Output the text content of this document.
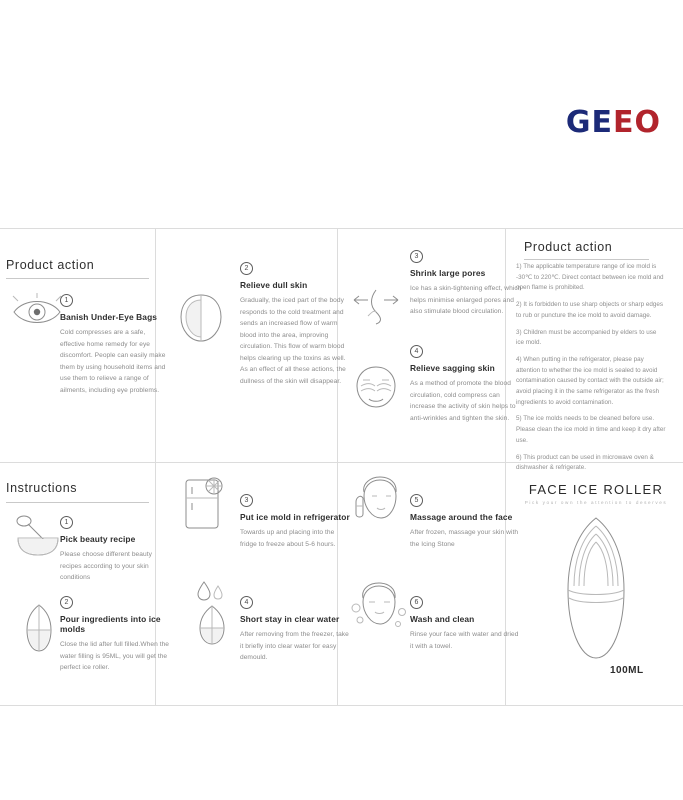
GEEO
Product action
Instructions
Product action
1
Banish Under-Eye Bags

Cold compresses are a safe, effective home remedy for eye discomfort. People can easily make them by using household items and use them to relieve a range of ailments, including eye problems.

2
Relieve dull skin

Gradually, the iced part of the body responds to the cold treatment and sends an increased flow of warm blood into the area, improving circulation. This flow of warm blood helps clearing up the toxins as well. As an effect of all these actions, the dullness of the skin will disappear.

3
Shrink large pores

Ice has a skin-tightening effect, which helps minimise enlarged pores and also stimulate blood circulation.

4
Relieve sagging skin

As a method of promote the blood circulation, cold compress can increase the activity of skin helps to anti-wrinkles and tighten the skin.

1) The applicable temperature range of ice mold is -30℃ to 220℃. Direct contact between ice mold and open flame is prohibited.

2) It is forbidden to use sharp objects or sharp edges to rub or puncture the ice mold to avoid damage.

3) Children must be accompanied by elders to use ice mold.

4) When putting in the refrigerator, please pay attention to whether the ice mold is sealed to avoid contamination caused by contact with the outside air; avoid placing it in the same refrigerator as the fresh ingredients to avoid contamination.

5) The ice molds needs to be cleaned before use. Please clean the ice mold in time and keep it dry after use.

6) This product can be used in microwave oven & dishwasher & refrigerate.

1
Pick beauty recipe

Please choose different beauty recipes according to your skin conditions

2
Pour ingredients into ice molds

Close the lid after full filled.When the water filling is 95ML, you will get the perfect ice roller.

3
Put ice mold in refrigerator

Towards up and placing into the fridge to freeze about 5-6 hours.

4
Short stay in clear water

After removing from the freezer, take it briefly into clear water for easy demould.

5
Massage around the face

After frozen, massage your skin with the Icing Stone

6
Wash and clean

Rinse your face with water and dried it with a towel.

FACE ICE ROLLER
Pick your own the attention to deserves
100ML
